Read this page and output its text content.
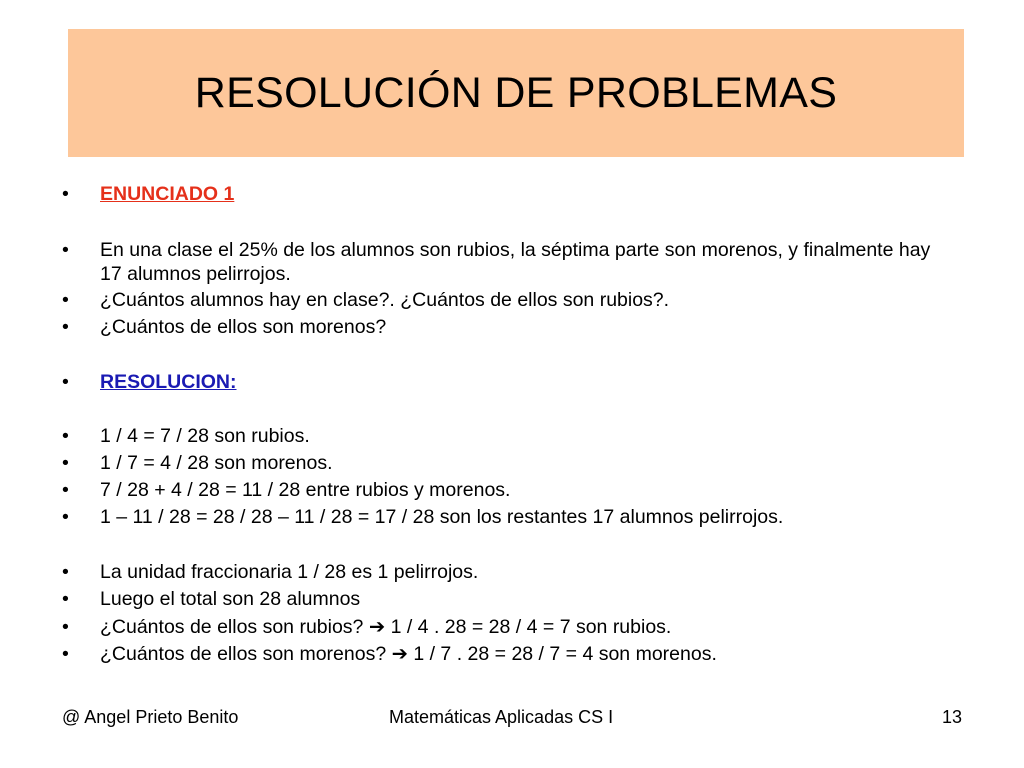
RESOLUCIÓN DE PROBLEMAS
•	ENUNCIADO 1
•	En una clase el 25% de los alumnos son rubios, la séptima parte son morenos, y finalmente hay 17 alumnos pelirrojos.
•	¿Cuántos alumnos hay en clase?. ¿Cuántos de ellos son rubios?.
•	¿Cuántos de ellos son morenos?
•	RESOLUCION:
•	1 / 4 = 7 / 28 son rubios.
•	1 / 7 = 4 / 28 son morenos.
•	7 / 28 + 4 / 28 = 11 / 28 entre rubios y morenos.
•	1 – 11 / 28 = 28 / 28 – 11 / 28 = 17 / 28 son los restantes 17 alumnos pelirrojos.
•	La unidad fraccionaria 1 / 28 es 1 pelirrojos.
•	Luego el total son 28 alumnos
•	¿Cuántos de ellos son rubios? ➔ 1 / 4 . 28 = 28 / 4 = 7 son rubios.
•	¿Cuántos de ellos son morenos? ➔ 1 / 7 . 28 = 28 / 7 = 4 son morenos.
@ Angel Prieto Benito	Matemáticas Aplicadas CS I	13
